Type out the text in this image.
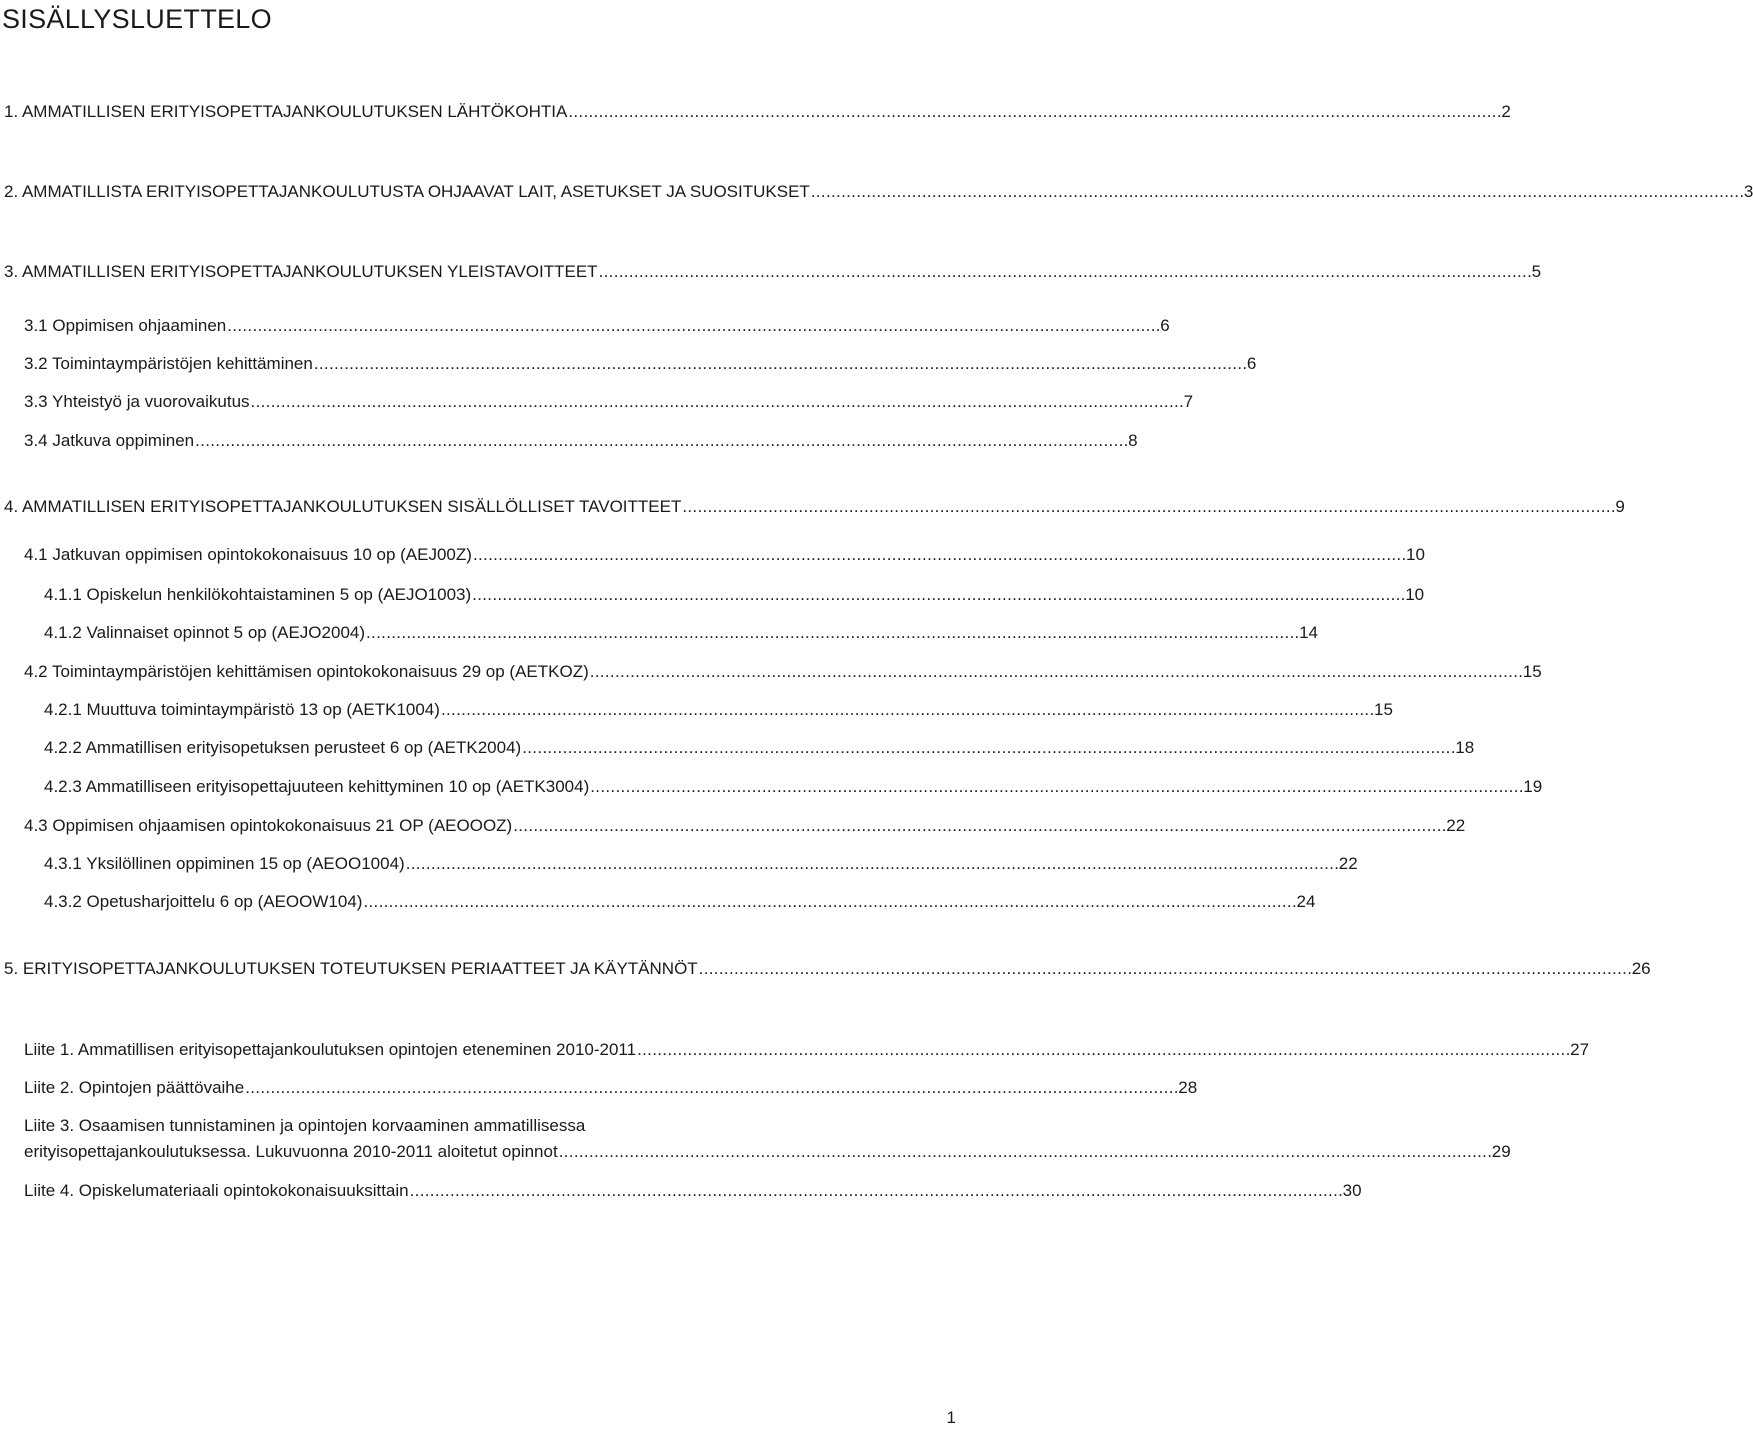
SISÄLLYSLUETTELO
1. AMMATILLISEN ERITYISOPETTAJANKOULUTUKSEN LÄHTÖKOHTIA . . .	2
2. AMMATILLISTA ERITYISOPETTAJANKOULUTUSTA OHJAAVAT LAIT, ASETUKSET JA SUOSITUKSET . . .	3
3. AMMATILLISEN ERITYISOPETTAJANKOULUTUKSEN YLEISTAVOITTEET . . .	5
3.1 Oppimisen ohjaaminen . . .	6
3.2 Toimintaympäristöjen kehittäminen . . .	6
3.3 Yhteistyö ja vuorovaikutus . . .	7
3.4 Jatkuva oppiminen . . .	8
4. AMMATILLISEN ERITYISOPETTAJANKOULUTUKSEN SISÄLLÖLLISET TAVOITTEET . . .	9
4.1 Jatkuvan oppimisen opintokokonaisuus 10 op (AEJ00Z) . . .	10
4.1.1 Opiskelun henkilökohtaistaminen 5 op (AEJO1003) . . .	10
4.1.2 Valinnaiset opinnot 5 op (AEJO2004) . . .	14
4.2 Toimintaympäristöjen kehittämisen opintokokonaisuus 29 op (AETKOZ) . . .	15
4.2.1 Muuttuva toimintaympäristö 13 op (AETK1004) . . .	15
4.2.2 Ammatillisen erityisopetuksen perusteet 6 op (AETK2004) . . .	18
4.2.3 Ammatilliseen erityisopettajuuteen kehittyminen 10 op (AETK3004) . . .	19
4.3 Oppimisen ohjaamisen opintokokonaisuus 21 OP (AEOOOZ) . . .	22
4.3.1 Yksilöllinen oppiminen 15 op (AEOO1004) . . .	22
4.3.2 Opetusharjoittelu 6 op (AEOOW104) . . .	24
5. ERITYISOPETTAJANKOULUTUKSEN TOTEUTUKSEN PERIAATTEET JA KÄYTÄNNÖT . . .	26
Liite 1. Ammatillisen erityisopettajankoulutuksen opintojen eteneminen 2010-2011 . . .	27
Liite 2. Opintojen päättövaihe . . .	28
Liite 3. Osaamisen tunnistaminen ja opintojen korvaaminen ammatillisessa
erityisopettajankoulutuksessa. Lukuvuonna 2010-2011 aloitetut opinnot . . .	29
Liite 4. Opiskelumateriaali opintokokonaisuuksittain . . .	30
1
